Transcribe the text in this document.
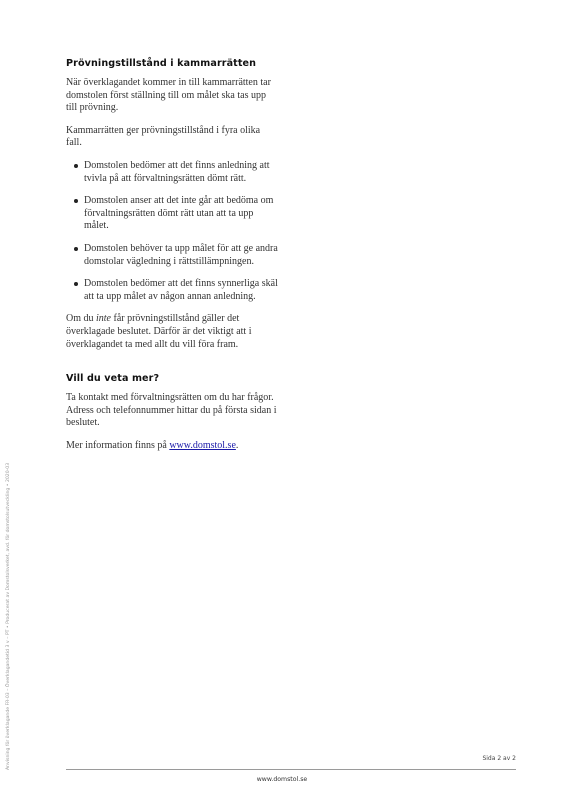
Prövningstillstånd i kammarrätten

När överklagandet kommer in till kammarrätten tar domstolen först ställning till om målet ska tas upp till prövning.

Kammarrätten ger prövningstillstånd i fyra olika fall.

Domstolen bedömer att det finns anledning att tvivla på att förvaltningsrätten dömt rätt.
Domstolen anser att det inte går att bedöma om förvaltningsrätten dömt rätt utan att ta upp målet.
Domstolen behöver ta upp målet för att ge andra domstolar vägledning i rättstillämpningen.
Domstolen bedömer att det finns synnerliga skäl att ta upp målet av någon annan anledning.

Om du inte får prövningstillstånd gäller det överklagade beslutet. Därför är det viktigt att i överklagandet ta med allt du vill föra fram.

Vill du veta mer?

Ta kontakt med förvaltningsrätten om du har frågor. Adress och telefonnummer hittar du på första sidan i beslutet.

Mer information finns på www.domstol.se.

Anvisning för överklagande FR-03 – Överklagandetid 3 v – PT • Producerat av Domstolsverket, avd. för domstolsutveckling • 2020-03	Sida 2 av 2
www.domstol.se
